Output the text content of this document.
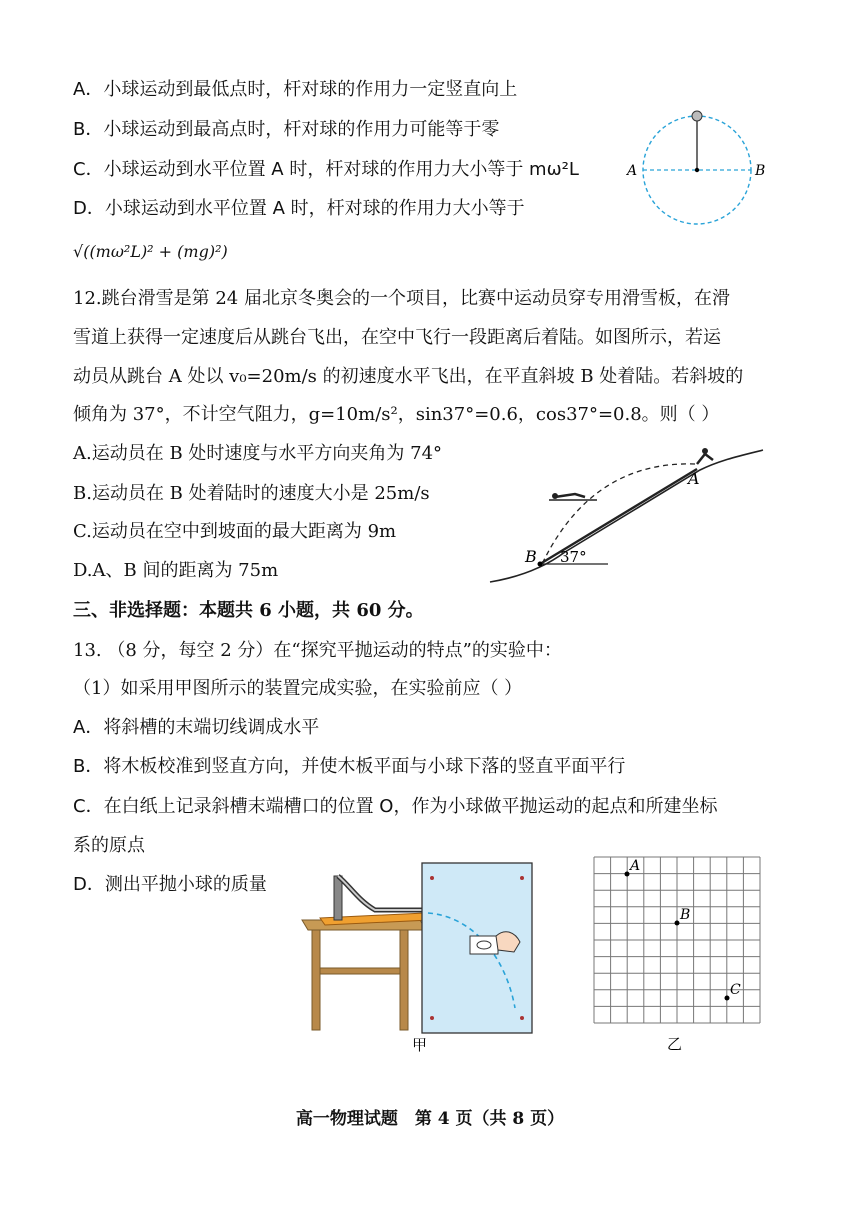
A．小球运动到最低点时，杆对球的作用力一定竖直向上
B．小球运动到最高点时，杆对球的作用力可能等于零
C．小球运动到水平位置 A 时，杆对球的作用力大小等于 mω²L
D．小球运动到水平位置 A 时，杆对球的作用力大小等于
√((mω²L)² + (mg)²)
A	B
12.跳台滑雪是第 24 届北京冬奥会的一个项目，比赛中运动员穿专用滑雪板，在滑
雪道上获得一定速度后从跳台飞出，在空中飞行一段距离后着陆。如图所示，若运
动员从跳台 A 处以 v₀=20m/s 的初速度水平飞出，在平直斜坡 B 处着陆。若斜坡的
倾角为 37°，不计空气阻力，g=10m/s²，sin37°=0.6，cos37°=0.8。则（ ）
A.运动员在 B 处时速度与水平方向夹角为 74°
B.运动员在 B 处着陆时的速度大小是 25m/s
C.运动员在空中到坡面的最大距离为 9m
D.A、B 间的距离为 75m
A
B 37°
三、非选择题：本题共 6 小题，共 60 分。
13. （8 分，每空 2 分）在“探究平抛运动的特点”的实验中：
（1）如采用甲图所示的装置完成实验，在实验前应（ ）
A．将斜槽的末端切线调成水平
B．将木板校准到竖直方向，并使木板平面与小球下落的竖直平面平行
C．在白纸上记录斜槽末端槽口的位置 O，作为小球做平抛运动的起点和所建坐标
系的原点
D．测出平抛小球的质量
甲
A
B
C
乙
高一物理试题　第 4 页（共 8 页）
